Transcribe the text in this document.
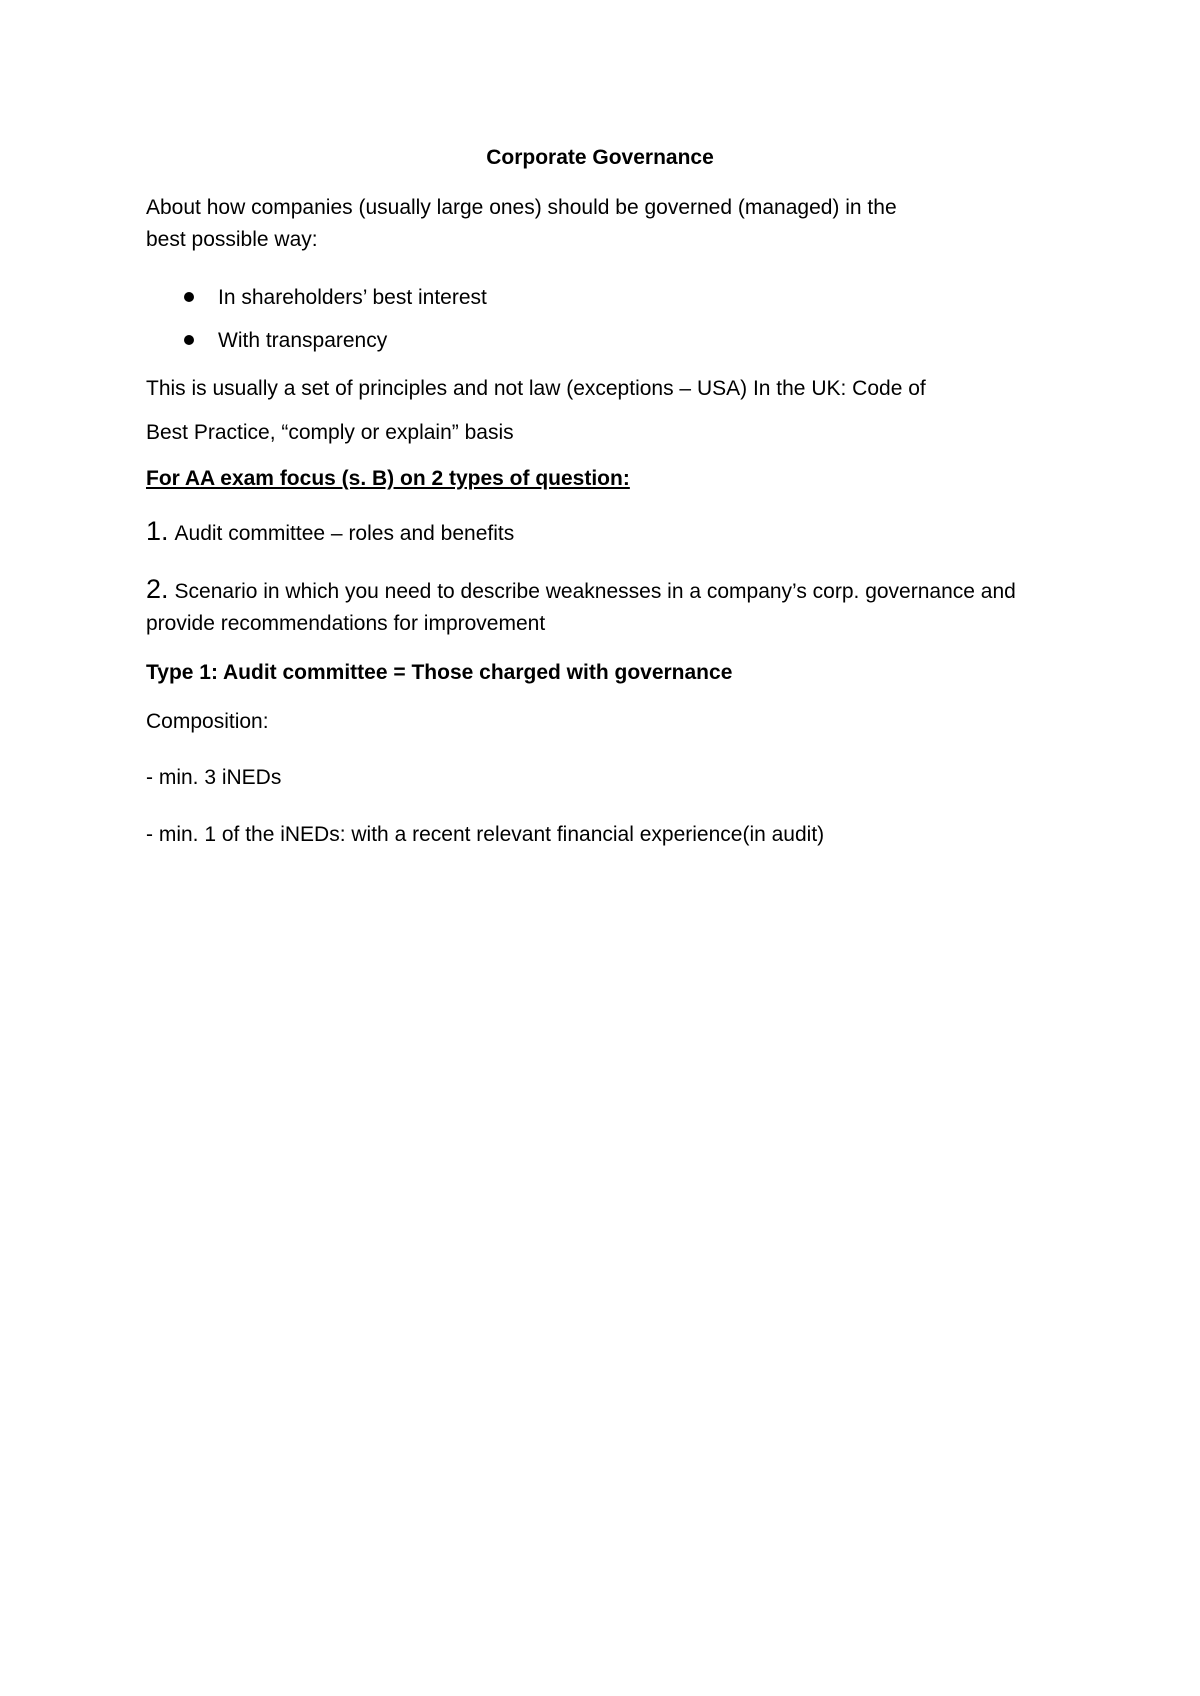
Corporate Governance
About how companies (usually large ones) should be governed (managed) in the
best possible way:
In shareholders’ best interest
With transparency
This is usually a set of principles and not law (exceptions – USA) In the UK: Code of
Best Practice, “comply or explain” basis
For AA exam focus (s. B) on 2 types of question:
1. Audit committee – roles and benefits
2. Scenario in which you need to describe weaknesses in a company’s corp. governance and
provide recommendations for improvement
Type 1: Audit committee = Those charged with governance
Composition:
- min. 3 iNEDs
- min. 1 of the iNEDs: with a recent relevant financial experience(in audit)
